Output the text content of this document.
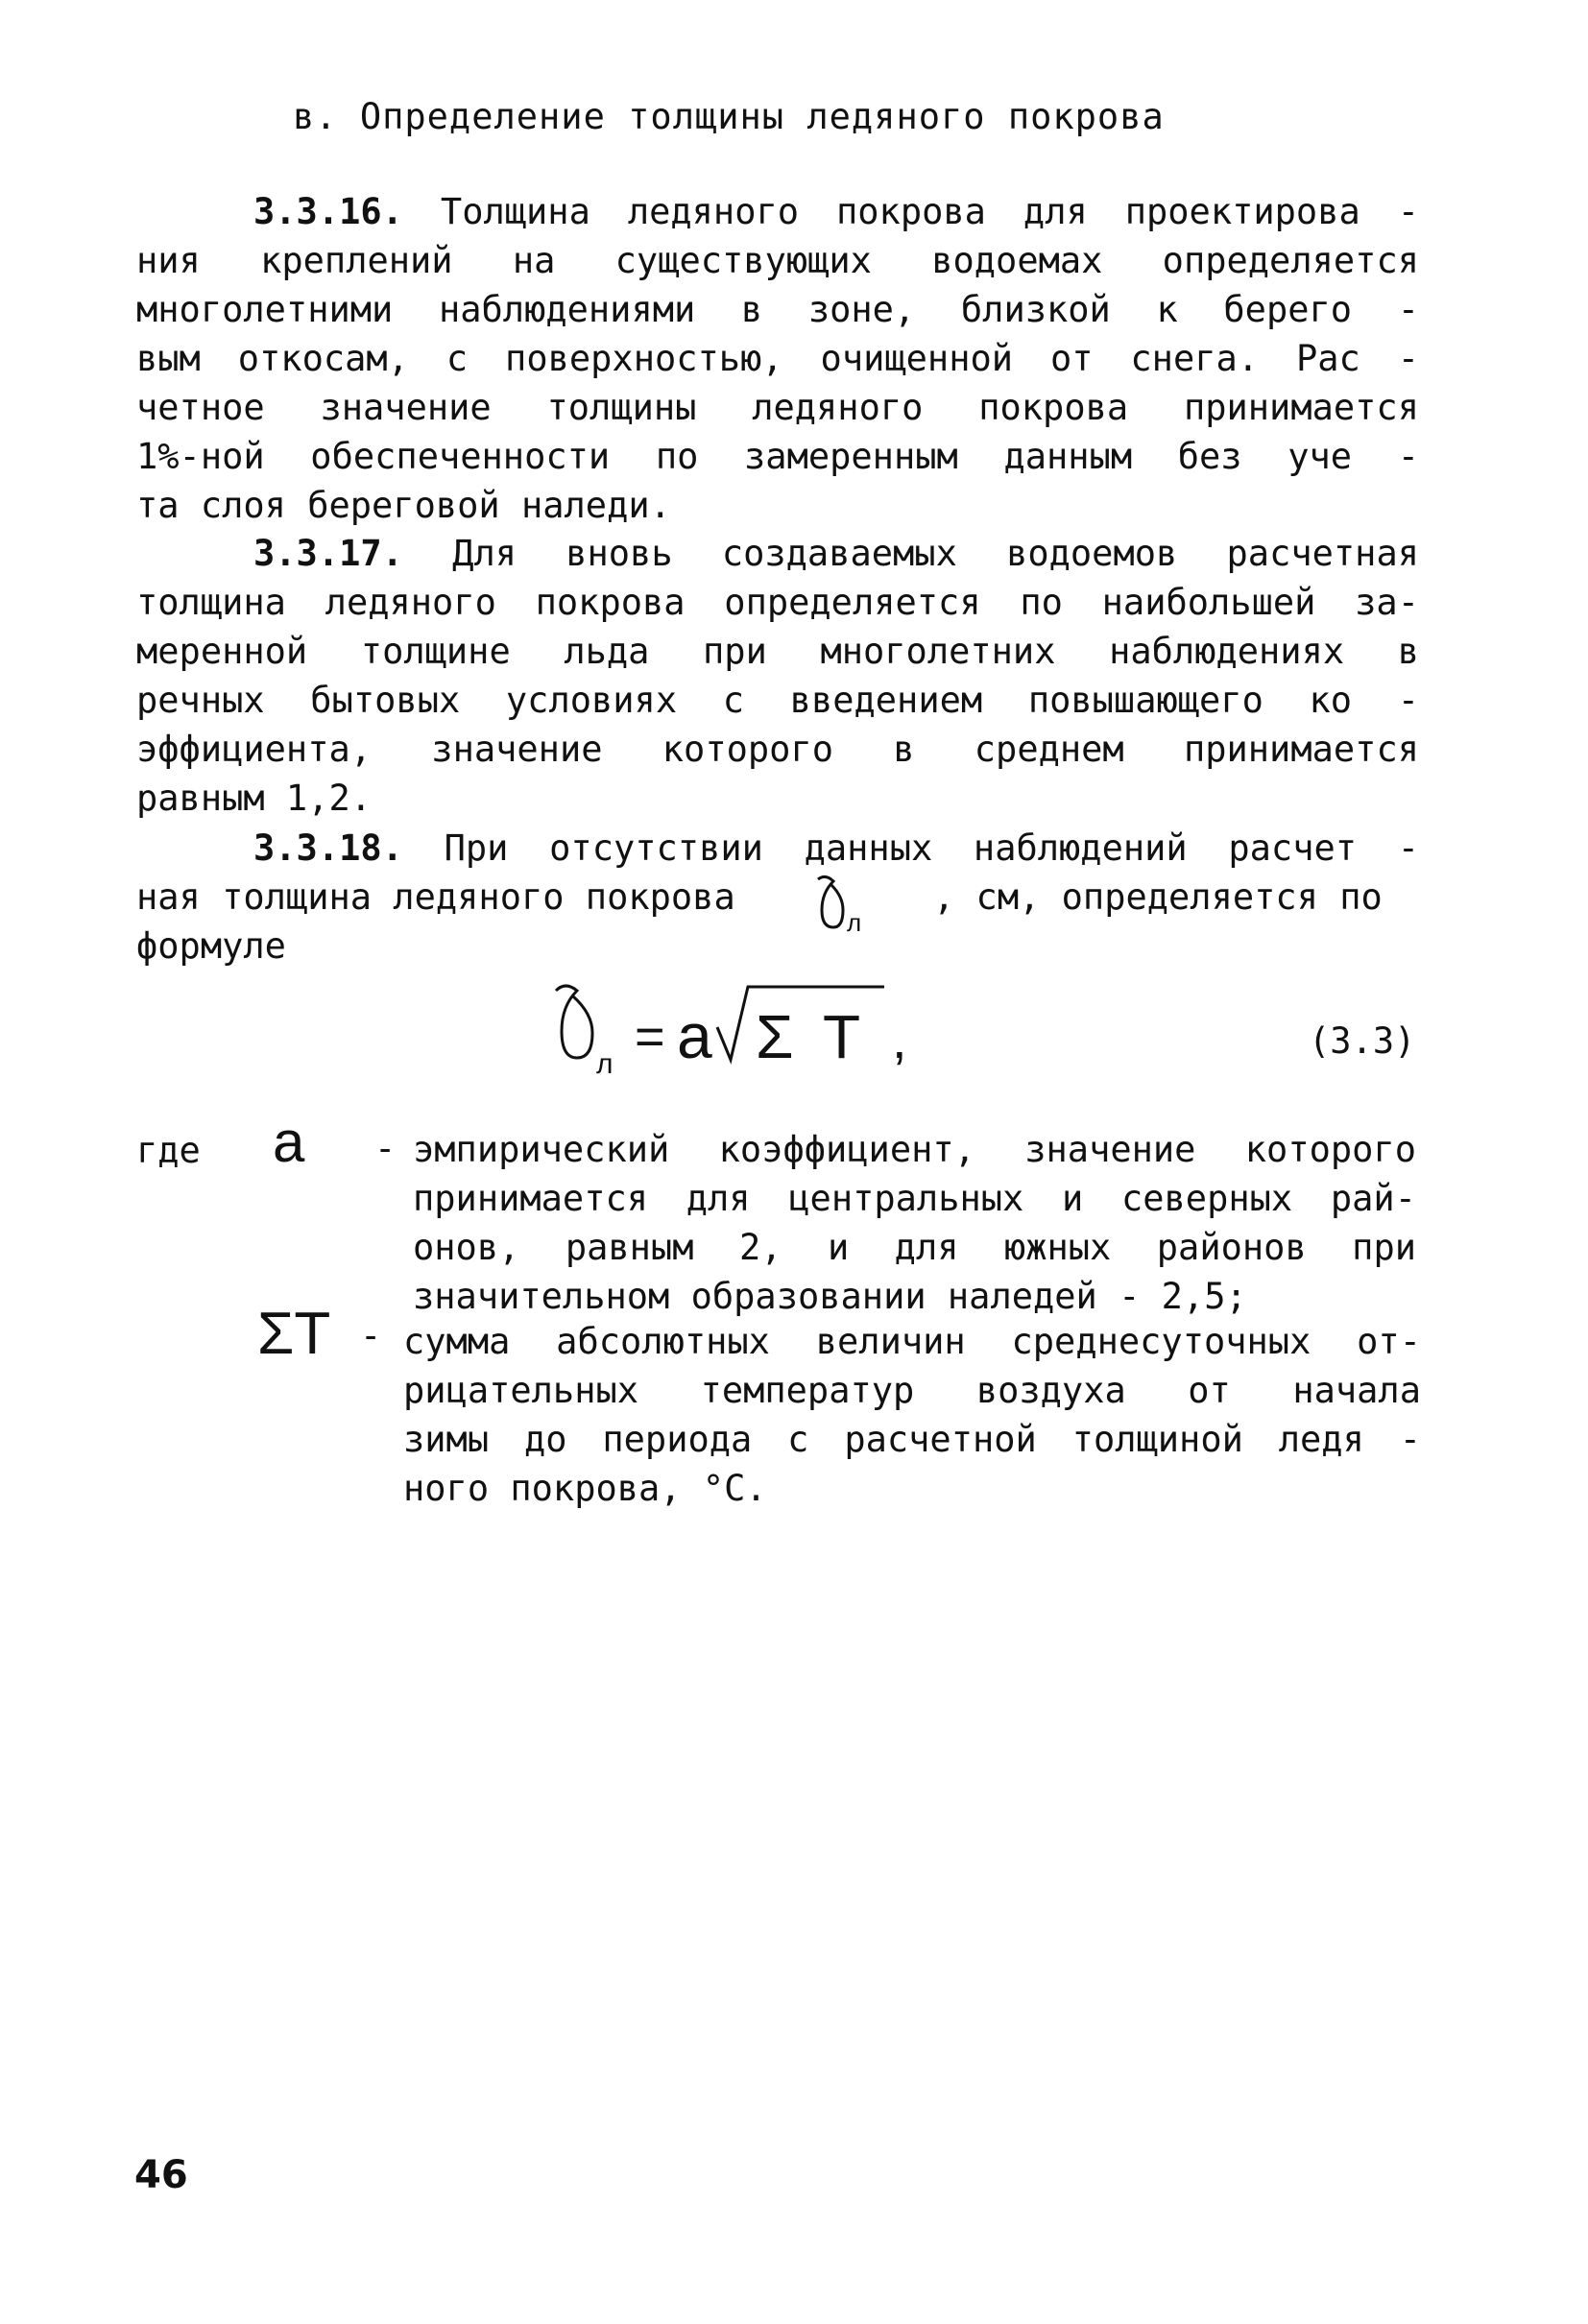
в. Определение толщины ледяного покрова
3.3.16. Толщина ледяного покрова для проектирова -
ния креплений на существующих водоемах определяется
многолетними наблюдениями в зоне, близкой к берего -
вым откосам, с поверхностью, очищенной от снега. Рас -
четное значение толщины ледяного покрова принимается
1%-ной обеспеченности по замеренным данным без уче -
та слоя береговой наледи.
3.3.17. Для вновь создаваемых водоемов расчетная
толщина ледяного покрова определяется по наибольшей за-
меренной толщине льда при многолетних наблюдениях в
речных бытовых условиях с введением повышающего ко -
эффициента, значение которого в среднем принимается
равным 1,2.
3.3.18. При отсутствии данных наблюдений расчет -
ная толщина ледяного покрова	, см, определяется по
формуле
л
л = a Σ T ,	(3.3)
где a - эмпирический коэффициент, значение которого
принимается для центральных и северных рай-
онов, равным 2, и для южных районов при
значительном образовании наледей - 2,5;
ΣT - сумма абсолютных величин среднесуточных от-
рицательных температур воздуха от начала
зимы до периода с расчетной толщиной ледя -
ного покрова, °С.
46
